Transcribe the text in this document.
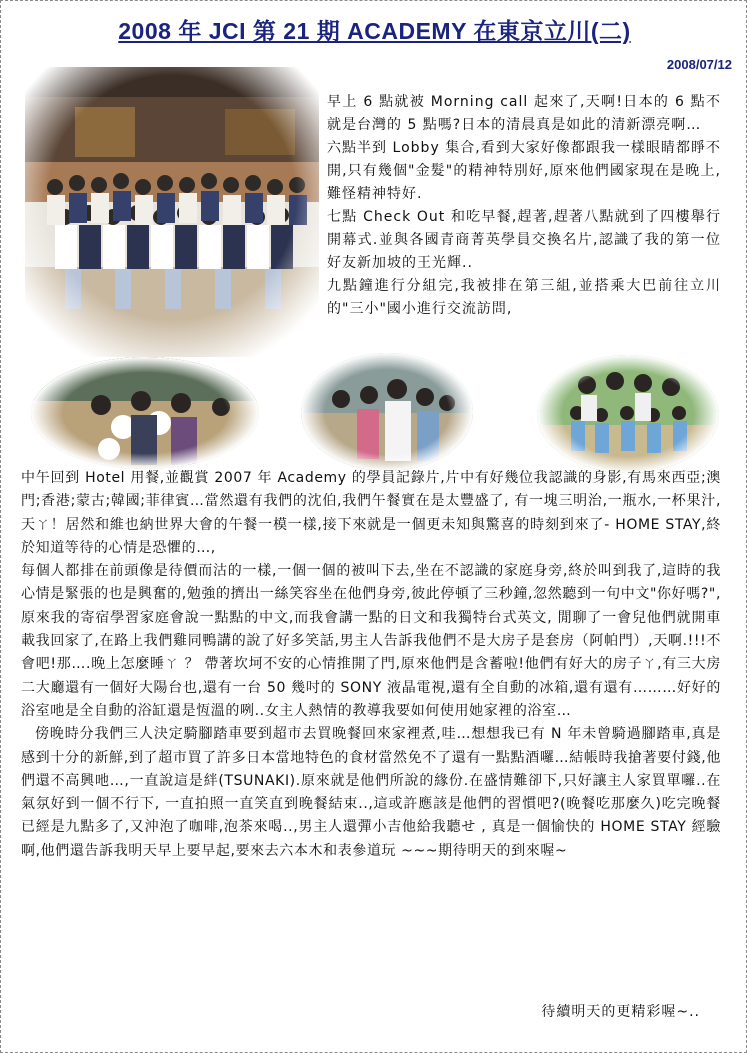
2008 年 JCI 第 21 期 ACADEMY 在東京立川(二)
2008/07/12

早上 6 點就被 Morning call 起來了,天啊!日本的 6 點不就是台灣的 5 點嗎?日本的清晨真是如此的清新漂亮啊…

六點半到 Lobby 集合,看到大家好像都跟我一樣眼睛都睜不開,只有幾個"金髮"的精神特別好,原來他們國家現在是晚上,難怪精神特好.

七點 Check Out 和吃早餐,趕著,趕著八點就到了四樓舉行開幕式.並與各國青商菁英學員交換名片,認識了我的第一位好友新加坡的王光輝..

九點鐘進行分組完,我被排在第三組,並搭乘大巴前往立川的"三小"國小進行交流訪問,

中午回到 Hotel 用餐,並觀賞 2007 年 Academy 的學員記錄片,片中有好幾位我認識的身影,有馬來西亞;澳門;香港;蒙古;韓國;菲律賓…當然還有我們的沈伯,我們午餐實在是太豐盛了, 有一塊三明治,一瓶水,一杯果汁,天ㄚ！居然和維也納世界大會的午餐一模一樣,接下來就是一個更未知與驚喜的時刻到來了- HOME STAY,終於知道等待的心情是恐懼的…,

每個人都排在前頭像是待價而沽的一樣,一個一個的被叫下去,坐在不認識的家庭身旁,終於叫到我了,這時的我心情是緊張的也是興奮的,勉強的擠出一絲笑容坐在他們身旁,彼此停頓了三秒鐘,忽然聽到一句中文"你好嗎?", 原來我的寄宿學習家庭會說一點點的中文,而我會講一點的日文和我獨特台式英文, 閒聊了一會兒他們就開車載我回家了,在路上我們雞同鴨講的說了好多笑話,男主人告訴我他們不是大房子是套房（阿帕門）,天啊.!!!不會吧!那….晚上怎麼睡ㄚ ？ 帶著坎坷不安的心情推開了門,原來他們是含蓄啦!他們有好大的房子ㄚ,有三大房二大廳還有一個好大陽台也,還有一台 50 幾吋的 SONY 液晶電視,還有全自動的冰箱,還有還有………好好的浴室吔是全自動的浴缸還是恆溫的咧..女主人熱情的教導我要如何使用她家裡的浴室…

傍晚時分我們三人決定騎腳踏車要到超市去買晚餐回來家裡煮,哇…想想我已有 N 年未曾騎過腳踏車,真是感到十分的新鮮,到了超市買了許多日本當地特色的食材當然免不了還有一點點酒囉…結帳時我搶著要付錢,他們還不高興吔…,一直說這是絆(TSUNAKI).原來就是他們所說的緣份.在盛情難卻下,只好讓主人家買單囉..在氣氛好到一個不行下, 一直拍照一直笑直到晚餐結束..,這或許應該是他們的習慣吧?(晚餐吃那麼久)吃完晚餐已經是九點多了,又沖泡了咖啡,泡茶來喝..,男主人還彈小吉他給我聽せ , 真是一個愉快的 HOME STAY 經驗啊,他們還告訴我明天早上要早起,要來去六本木和表參道玩 ~~~期待明天的到來喔~

待續明天的更精彩喔~..
